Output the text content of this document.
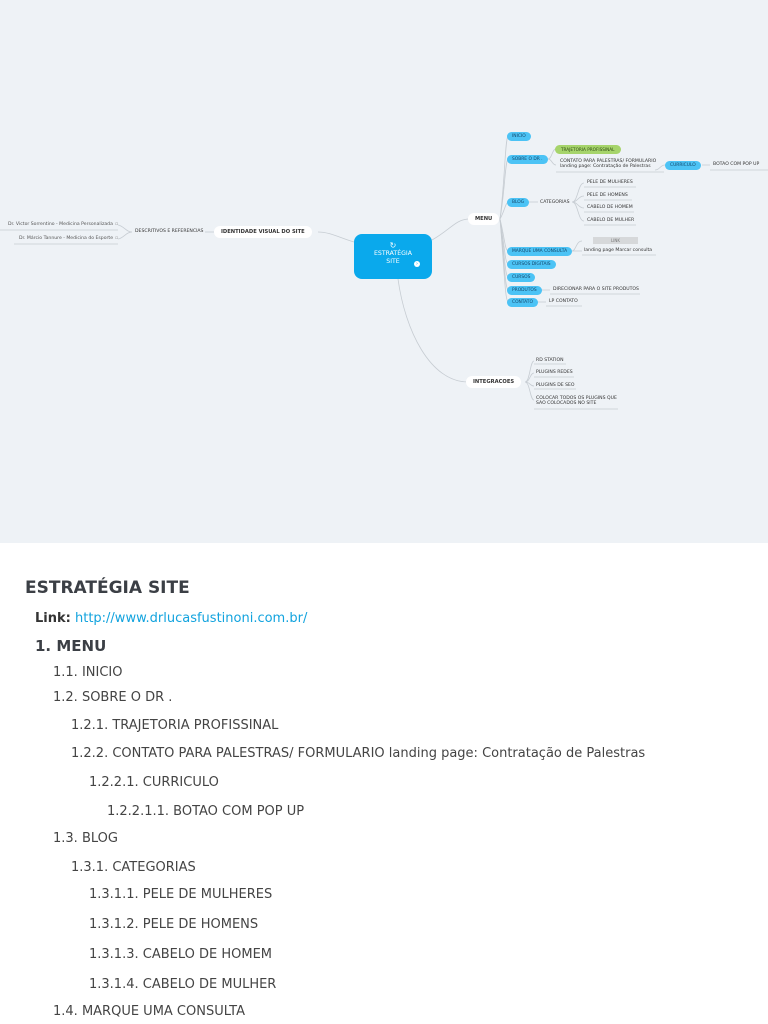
↻
ESTRATÉGIA SITE	›
IDENTIDADE VISUAL DO SITE
DESCRITIVOS E REFERENCIAS
Dr. Victor Sorrentino - Medicina Personalizada
Dr. Márcio Tannure - Medicina do Esporte
▫
▫
MENU
INICIO
SOBRE O DR .
TRAJETORIA PROFISSINAL
CONTATO PARA PALESTRAS/ FORMULARIO
landing page: Contratação de Palestras	CURRICULO	BOTAO COM POP UP
BLOG	CATEGORIAS
PELE DE MULHERES
PELE DE HOMENS
CABELO DE HOMEM
CABELO DE MULHER
MARQUE UMA CONSULTA
LINK
landing page Marcar consulta
CURSOS DIGITAIS
CURSOS
PRODUTOS	DIRECIONAR PARA O SITE PRODUTOS
CONTATO	LP CONTATO
INTEGRACOES
RD STATION
PLUGINS REDES
PLUGINS DE SEO
COLOCAR TODOS OS PLUGINS QUE
SAO COLOCADOS NO SITE
ESTRATÉGIA SITE
Link: http://www.drlucasfustinoni.com.br/
1. MENU
1.1. INICIO
1.2. SOBRE O DR .
1.2.1. TRAJETORIA PROFISSINAL
1.2.2. CONTATO PARA PALESTRAS/ FORMULARIO landing page: Contratação de Palestras
1.2.2.1. CURRICULO
1.2.2.1.1. BOTAO COM POP UP
1.3. BLOG
1.3.1. CATEGORIAS
1.3.1.1. PELE DE MULHERES
1.3.1.2. PELE DE HOMENS
1.3.1.3. CABELO DE HOMEM
1.3.1.4. CABELO DE MULHER
1.4. MARQUE UMA CONSULTA
